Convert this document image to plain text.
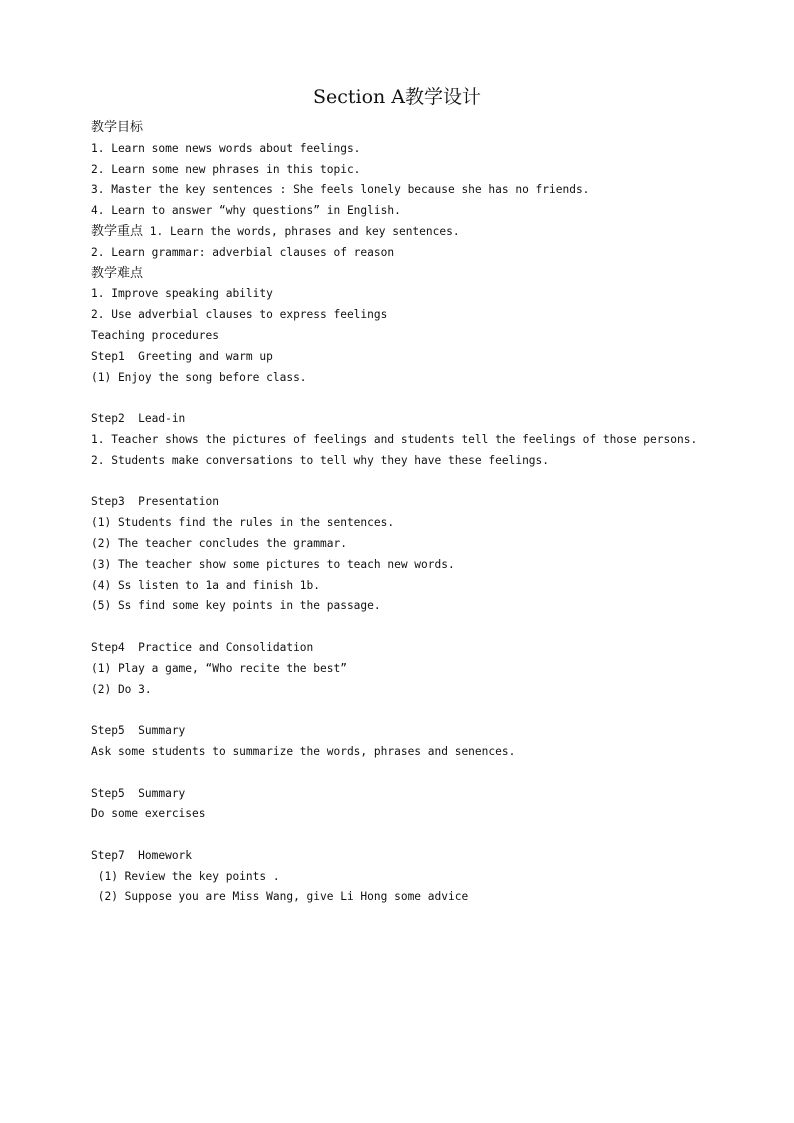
Section A教学设计
教学目标
1. Learn some news words about feelings.
2. Learn some new phrases in this topic.
3. Master the key sentences : She feels lonely because she has no friends.
4. Learn to answer “why questions” in English.
教学重点 1. Learn the words, phrases and key sentences.
2. Learn grammar: adverbial clauses of reason
教学难点
1. Improve speaking ability
2. Use adverbial clauses to express feelings
Teaching procedures
Step1  Greeting and warm up
(1) Enjoy the song before class.
Step2  Lead-in
1. Teacher shows the pictures of feelings and students tell the feelings of those persons.
2. Students make conversations to tell why they have these feelings.
Step3  Presentation
(1) Students find the rules in the sentences.
(2) The teacher concludes the grammar.
(3) The teacher show some pictures to teach new words.
(4) Ss listen to 1a and finish 1b.
(5) Ss find some key points in the passage.
Step4  Practice and Consolidation
(1) Play a game, “Who recite the best”
(2) Do 3.
Step5  Summary
Ask some students to summarize the words, phrases and senences.
Step5  Summary
Do some exercises
Step7  Homework
(1) Review the key points .
(2) Suppose you are Miss Wang, give Li Hong some advice
